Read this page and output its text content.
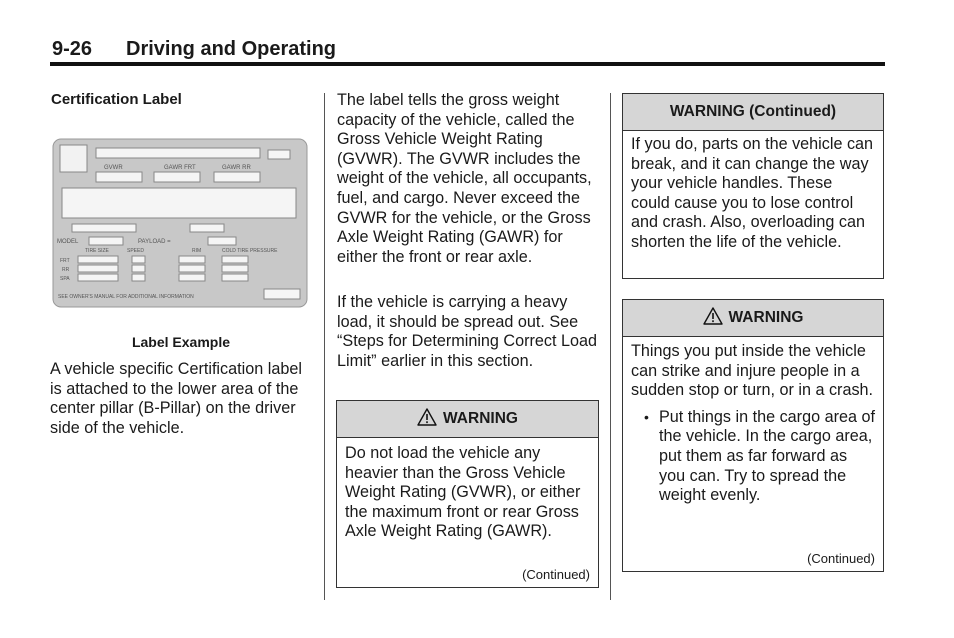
9-26 Driving and Operating
Certification Label
GVWR	GAWR FRT	GAWR RR
MODEL	PAYLOAD =
TIRE SIZE	SPEED	RIM	COLD TIRE PRESSURE
FRT
RR
SPA
SEE OWNER'S MANUAL FOR ADDITIONAL INFORMATION
Label Example
A vehicle specific Certification label is attached to the lower area of the center pillar (B-Pillar) on the driver side of the vehicle.
The label tells the gross weight capacity of the vehicle, called the Gross Vehicle Weight Rating (GVWR). The GVWR includes the weight of the vehicle, all occupants, fuel, and cargo. Never exceed the GVWR for the vehicle, or the Gross Axle Weight Rating (GAWR) for either the front or rear axle.
If the vehicle is carrying a heavy load, it should be spread out. See “Steps for Determining Correct Load Limit” earlier in this section.
WARNING
Do not load the vehicle any heavier than the Gross Vehicle Weight Rating (GVWR), or either the maximum front or rear Gross Axle Weight Rating (GAWR).
(Continued)
WARNING (Continued)
If you do, parts on the vehicle can break, and it can change the way your vehicle handles. These could cause you to lose control and crash. Also, overloading can shorten the life of the vehicle.
WARNING
Things you put inside the vehicle can strike and injure people in a sudden stop or turn, or in a crash.
• Put things in the cargo area of the vehicle. In the cargo area, put them as far forward as you can. Try to spread the weight evenly.
(Continued)
